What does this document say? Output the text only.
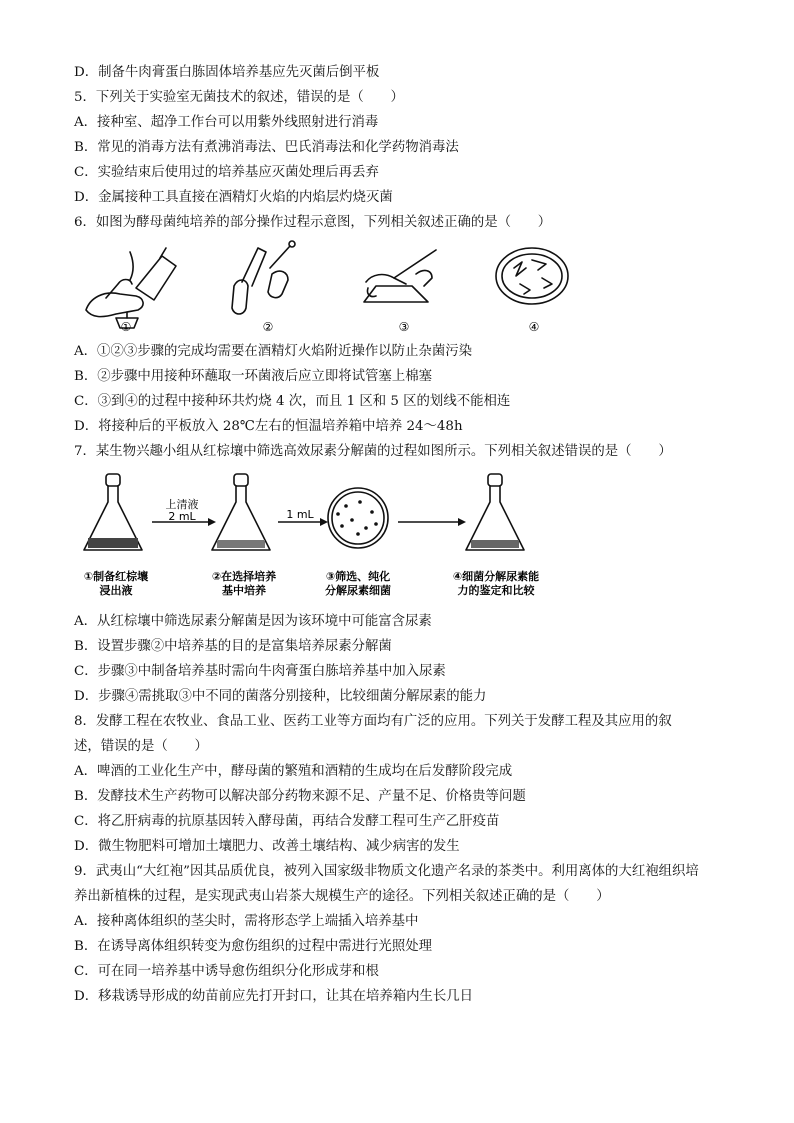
D．制备牛肉膏蛋白胨固体培养基应先灭菌后倒平板
5．下列关于实验室无菌技术的叙述，错误的是（　　）
A．接种室、超净工作台可以用紫外线照射进行消毒
B．常见的消毒方法有煮沸消毒法、巴氏消毒法和化学药物消毒法
C．实验结束后使用过的培养基应灭菌处理后再丢弃
D．金属接种工具直接在酒精灯火焰的内焰层灼烧灭菌
6．如图为酵母菌纯培养的部分操作过程示意图，下列相关叙述正确的是（　　）
①	②	③	④
A．①②③步骤的完成均需要在酒精灯火焰附近操作以防止杂菌污染
B．②步骤中用接种环蘸取一环菌液后应立即将试管塞上棉塞
C．③到④的过程中接种环共灼烧 4 次，而且 1 区和 5 区的划线不能相连
D．将接种后的平板放入 28℃左右的恒温培养箱中培养 24～48h
7．某生物兴趣小组从红棕壤中筛选高效尿素分解菌的过程如图所示。下列相关叙述错误的是（　　）
上清液
2 mL	1 mL
①制备红棕壤
浸出液
②在选择培养
基中培养
③筛选、纯化
分解尿素细菌
④细菌分解尿素能
力的鉴定和比较
A．从红棕壤中筛选尿素分解菌是因为该环境中可能富含尿素
B．设置步骤②中培养基的目的是富集培养尿素分解菌
C．步骤③中制备培养基时需向牛肉膏蛋白胨培养基中加入尿素
D．步骤④需挑取③中不同的菌落分别接种，比较细菌分解尿素的能力
8．发酵工程在农牧业、食品工业、医药工业等方面均有广泛的应用。下列关于发酵工程及其应用的叙
述，错误的是（　　）
A．啤酒的工业化生产中，酵母菌的繁殖和酒精的生成均在后发酵阶段完成
B．发酵技术生产药物可以解决部分药物来源不足、产量不足、价格贵等问题
C．将乙肝病毒的抗原基因转入酵母菌，再结合发酵工程可生产乙肝疫苗
D．微生物肥料可增加土壤肥力、改善土壤结构、减少病害的发生
9．武夷山“大红袍”因其品质优良，被列入国家级非物质文化遗产名录的茶类中。利用离体的大红袍组织培
养出新植株的过程，是实现武夷山岩茶大规模生产的途径。下列相关叙述正确的是（　　）
A．接种离体组织的茎尖时，需将形态学上端插入培养基中
B．在诱导离体组织转变为愈伤组织的过程中需进行光照处理
C．可在同一培养基中诱导愈伤组织分化形成芽和根
D．移栽诱导形成的幼苗前应先打开封口，让其在培养箱内生长几日
